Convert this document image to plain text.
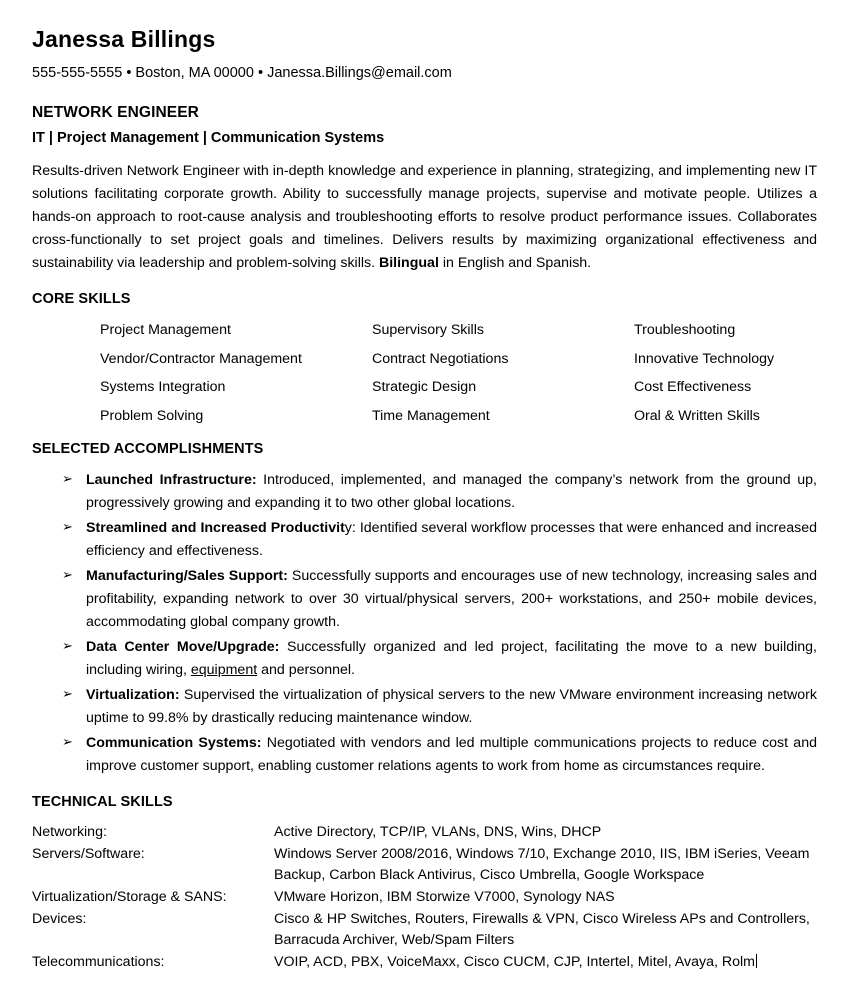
Janessa Billings
555-555-5555 • Boston, MA 00000 • Janessa.Billings@email.com
NETWORK ENGINEER
IT | Project Management | Communication Systems

Results-driven Network Engineer with in-depth knowledge and experience in planning, strategizing, and implementing new IT solutions facilitating corporate growth. Ability to successfully manage projects, supervise and motivate people. Utilizes a hands-on approach to root-cause analysis and troubleshooting efforts to resolve product performance issues. Collaborates cross-functionally to set project goals and timelines. Delivers results by maximizing organizational effectiveness and sustainability via leadership and problem-solving skills. Bilingual in English and Spanish.

CORE SKILLS
Project Management	Supervisory Skills	Troubleshooting
Vendor/Contractor Management	Contract Negotiations	Innovative Technology
Systems Integration	Strategic Design	Cost Effectiveness
Problem Solving	Time Management	Oral & Written Skills
SELECTED ACCOMPLISHMENTS
➢ Launched Infrastructure: Introduced, implemented, and managed the company’s network from the ground up, progressively growing and expanding it to two other global locations.
➢ Streamlined and Increased Productivity: Identified several workflow processes that were enhanced and increased efficiency and effectiveness.
➢ Manufacturing/Sales Support: Successfully supports and encourages use of new technology, increasing sales and profitability, expanding network to over 30 virtual/physical servers, 200+ workstations, and 250+ mobile devices, accommodating global company growth.
➢ Data Center Move/Upgrade: Successfully organized and led project, facilitating the move to a new building, including wiring, equipment and personnel.
➢ Virtualization: Supervised the virtualization of physical servers to the new VMware environment increasing network uptime to 99.8% by drastically reducing maintenance window.
➢ Communication Systems: Negotiated with vendors and led multiple communications projects to reduce cost and improve customer support, enabling customer relations agents to work from home as circumstances require.
TECHNICAL SKILLS
Networking:	Active Directory, TCP/IP, VLANs, DNS, Wins, DHCP
Servers/Software:	Windows Server 2008/2016, Windows 7/10, Exchange 2010, IIS, IBM iSeries, Veeam Backup, Carbon Black Antivirus, Cisco Umbrella, Google Workspace
Virtualization/Storage & SANS:	VMware Horizon, IBM Storwize V7000, Synology NAS
Devices:	Cisco & HP Switches, Routers, Firewalls & VPN, Cisco Wireless APs and Controllers, Barracuda Archiver, Web/Spam Filters
Telecommunications:	VOIP, ACD, PBX, VoiceMaxx, Cisco CUCM, CJP, Intertel, Mitel, Avaya, Rolm
